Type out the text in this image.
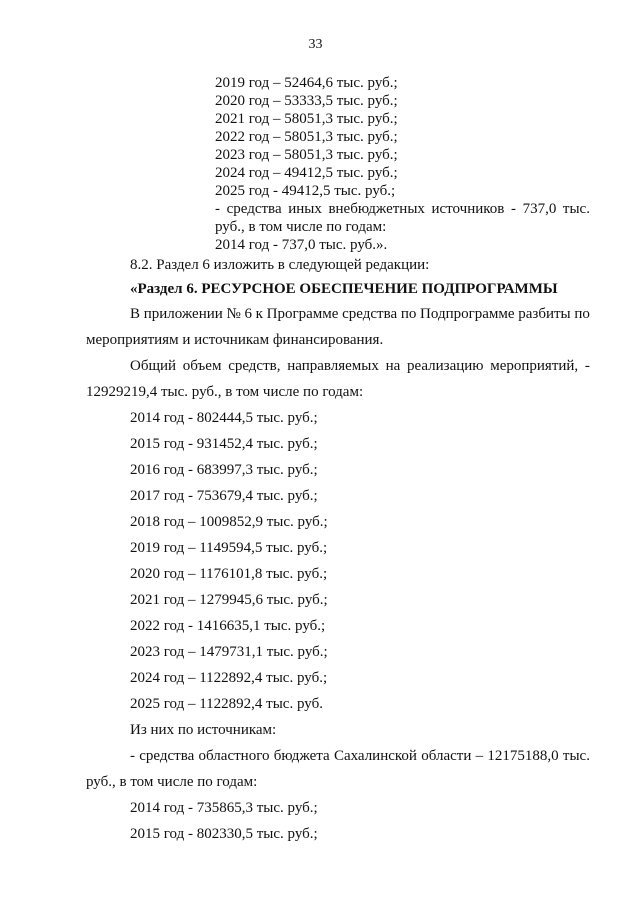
33
2019 год – 52464,6 тыс. руб.;
2020 год – 53333,5 тыс. руб.;
2021 год – 58051,3 тыс. руб.;
2022 год – 58051,3 тыс. руб.;
2023 год – 58051,3 тыс. руб.;
2024 год – 49412,5 тыс. руб.;
2025 год - 49412,5 тыс. руб.;
- средства иных внебюджетных источников - 737,0 тыс.
руб., в том числе по годам:
2014 год - 737,0 тыс. руб.».
8.2. Раздел 6 изложить в следующей редакции:
«Раздел 6. РЕСУРСНОЕ ОБЕСПЕЧЕНИЕ ПОДПРОГРАММЫ
В приложении № 6 к Программе средства по Подпрограмме разбиты по
мероприятиям и источникам финансирования.
Общий объем средств, направляемых на реализацию мероприятий, -
12929219,4 тыс. руб., в том числе по годам:
2014 год - 802444,5 тыс. руб.;
2015 год - 931452,4 тыс. руб.;
2016 год - 683997,3 тыс. руб.;
2017 год - 753679,4 тыс. руб.;
2018 год – 1009852,9 тыс. руб.;
2019 год – 1149594,5 тыс. руб.;
2020 год – 1176101,8 тыс. руб.;
2021 год – 1279945,6 тыс. руб.;
2022 год - 1416635,1 тыс. руб.;
2023 год – 1479731,1 тыс. руб.;
2024 год – 1122892,4 тыс. руб.;
2025 год – 1122892,4 тыс. руб.
Из них по источникам:
- средства областного бюджета Сахалинской области – 12175188,0 тыс.
руб., в том числе по годам:
2014 год - 735865,3 тыс. руб.;
2015 год - 802330,5 тыс. руб.;
